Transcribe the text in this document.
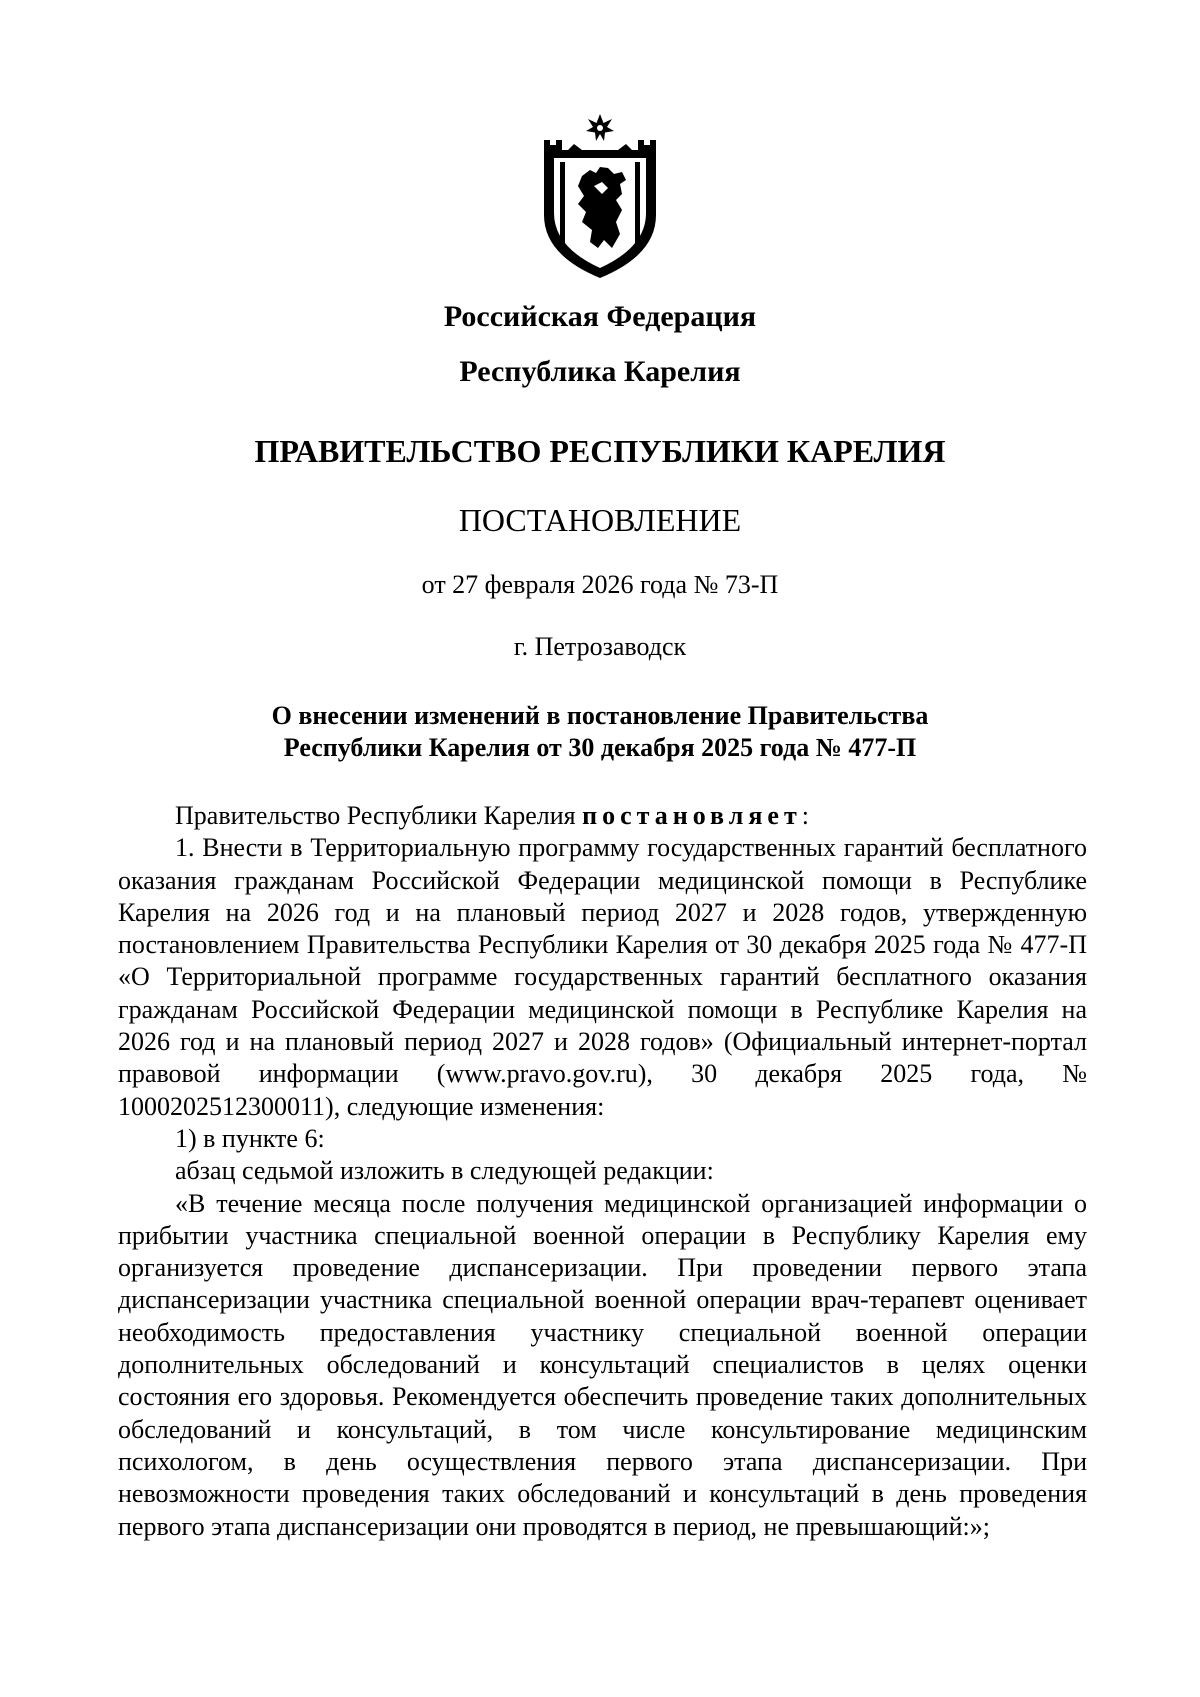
Российская Федерация
Республика Карелия
ПРАВИТЕЛЬСТВО РЕСПУБЛИКИ КАРЕЛИЯ
ПОСТАНОВЛЕНИЕ
от 27 февраля 2026 года № 73-П
г. Петрозаводск
О внесении изменений в постановление Правительства
Республики Карелия от 30 декабря 2025 года № 477-П

Правительство Республики Карелия постановляет:

1. Внести в Территориальную программу государственных гарантий бесплатного оказания гражданам Российской Федерации медицинской помощи в Республике Карелия на 2026 год и на плановый период 2027 и 2028 годов, утвержденную постановлением Правительства Республики Карелия от 30 декабря 2025 года № 477-П «О Территориальной программе государственных гарантий бесплатного оказания гражданам Российской Федерации медицинской помощи в Республике Карелия на 2026 год и на плановый период 2027 и 2028 годов» (Официальный интернет-портал правовой информации (www.pravo.gov.ru), 30 декабря 2025 года, № 1000202512300011), следующие изменения:

1) в пункте 6:

абзац седьмой изложить в следующей редакции:

«В течение месяца после получения медицинской организацией информации о прибытии участника специальной военной операции в Республику Карелия ему организуется проведение диспансеризации. При проведении первого этапа диспансеризации участника специальной военной операции врач-терапевт оценивает необходимость предоставления участнику специальной военной операции дополнительных обследований и консультаций специалистов в целях оценки состояния его здоровья. Рекомендуется обеспечить проведение таких дополнительных обследований и консультаций, в том числе консультирование медицинским психологом, в день осуществления первого этапа диспансеризации. При невозможности проведения таких обследований и консультаций в день проведения первого этапа диспансеризации они проводятся в период, не превышающий:»;
